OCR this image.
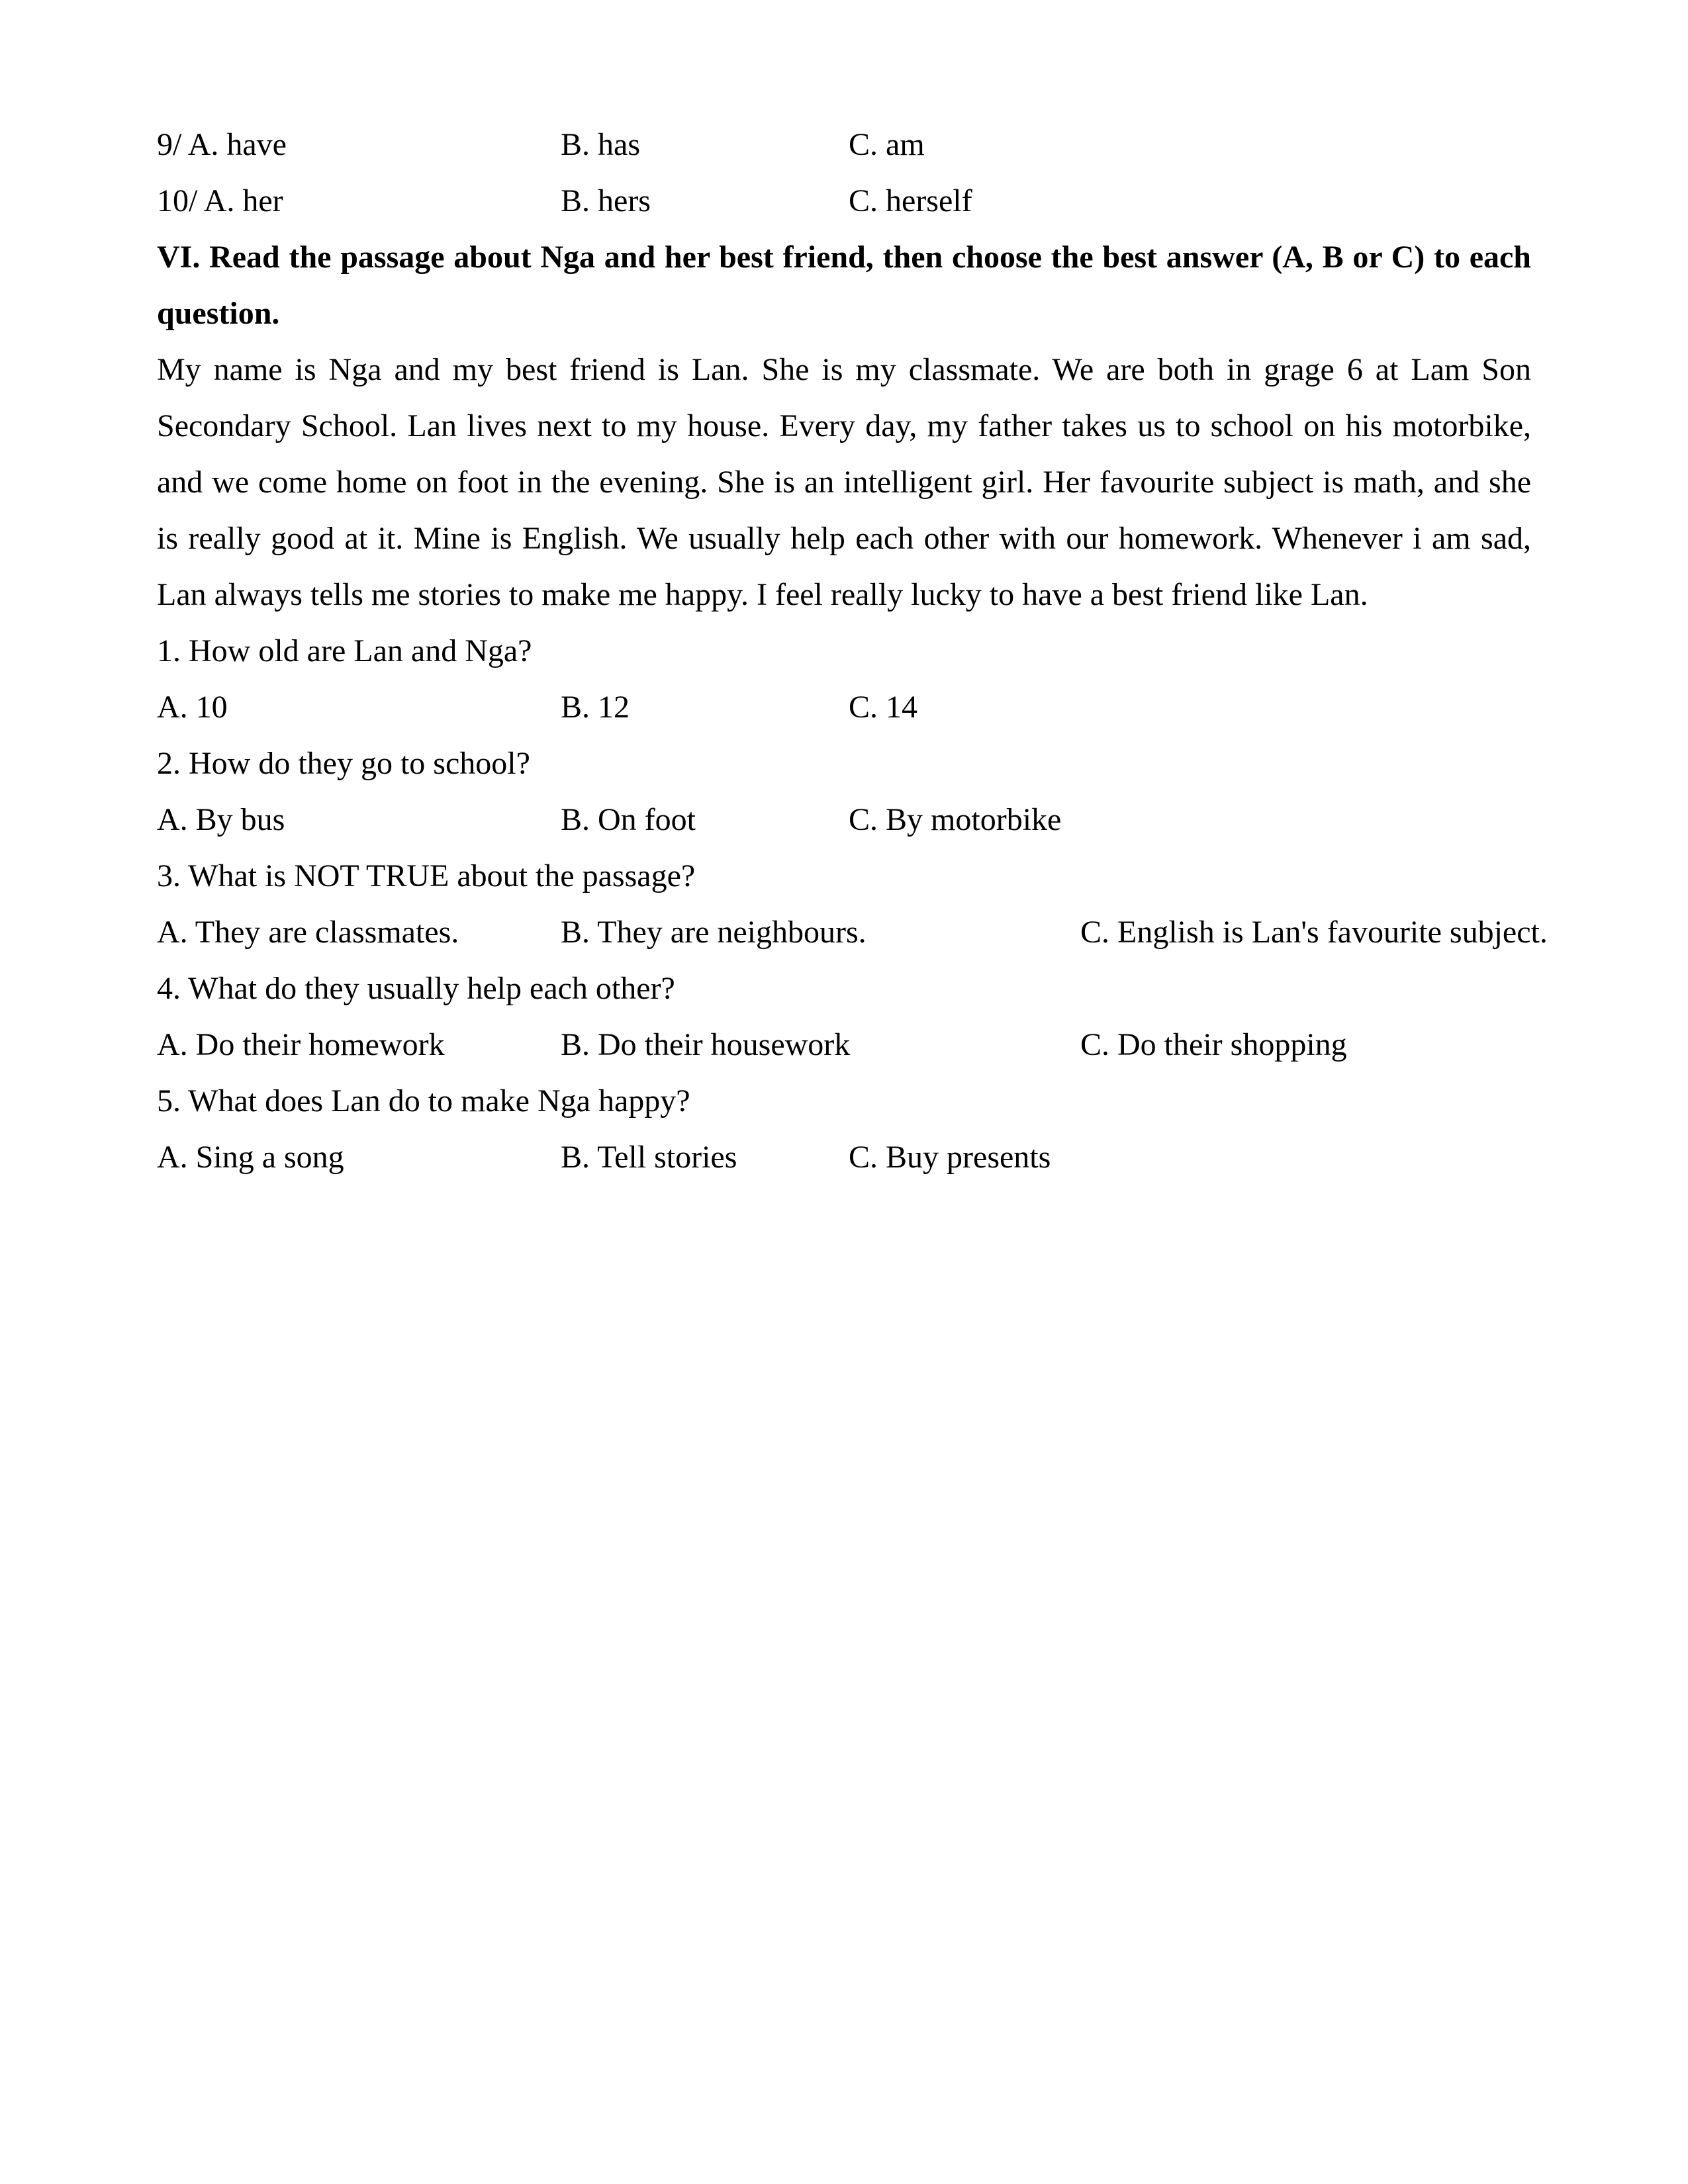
9/ A. have	B. has	C. am
10/ A. her	B. hers	C. herself
VI. Read the passage about Nga and her best friend, then choose the best answer (A, B or C) to each question.
My name is Nga and my best friend is Lan. She is my classmate. We are both in grage 6 at Lam Son Secondary School. Lan lives next to my house. Every day, my father takes us to school on his motorbike, and we come home on foot in the evening. She is an intelligent girl. Her favourite subject is math, and she is really good at it. Mine is English. We usually help each other with our homework. Whenever i am sad, Lan always tells me stories to make me happy. I feel really lucky to have a best friend like Lan.
1. How old are Lan and Nga?
A. 10	B. 12	C. 14
2. How do they go to school?
A. By bus	B. On foot	C. By motorbike
3. What is NOT TRUE about the passage?
A. They are classmates.	B. They are neighbours.	C. English is Lan's favourite subject.
4. What do they usually help each other?
A. Do their homework	B. Do their housework	C. Do their shopping
5. What does Lan do to make Nga happy?
A. Sing a song	B. Tell stories	C. Buy presents
